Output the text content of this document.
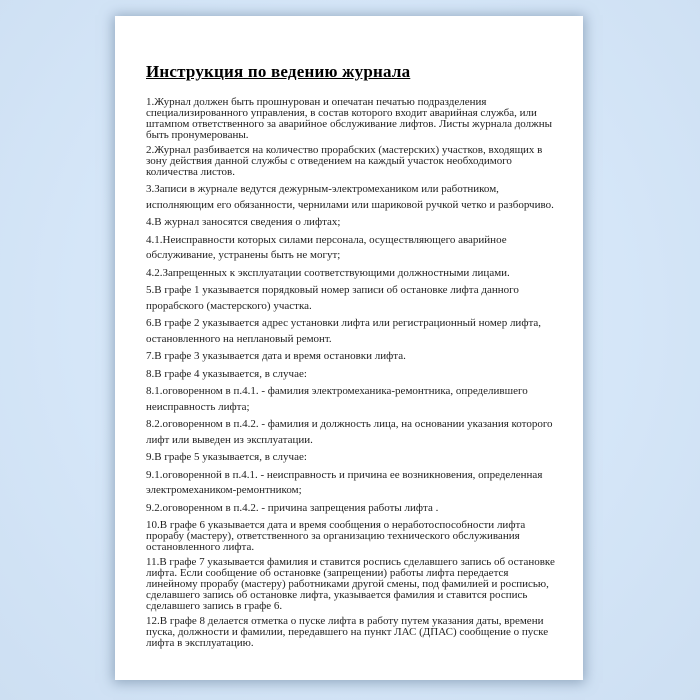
Инструкция по ведению журнала

1.Журнал должен быть прошнурован и опечатан печатью подразделения специализированного управления, в состав которого входит аварийная служба, или штампом ответственного за аварийное обслуживание лифтов. Листы журнала должны быть пронумерованы.

2.Журнал разбивается на количество прорабских (мастерских) участков, входящих в зону действия данной службы с отведением на каждый участок необходимого количества листов.

3.Записи в журнале ведутся дежурным-электромехаником или работником, исполняющим его обязанности, чернилами или шариковой ручкой четко и разборчиво.

4.В журнал заносятся сведения о лифтах;

4.1.Неисправности которых силами персонала, осуществляющего аварийное обслуживание, устранены быть не могут;

4.2.Запрещенных к эксплуатации соответствующими должностными лицами.

5.В графе 1 указывается порядковый номер записи об остановке лифта данного прорабского (мастерского) участка.

6.В графе 2 указывается адрес установки лифта или регистрационный номер лифта, остановленного на неплановый ремонт.

7.В графе 3 указывается дата и время остановки лифта.

8.В графе 4 указывается, в случае:

8.1.оговоренном в п.4.1. - фамилия электромеханика-ремонтника, определившего неисправность лифта;

8.2.оговоренном в п.4.2. - фамилия и должность лица, на основании указания которого лифт или выведен из эксплуатации.

9.В графе 5 указывается, в случае:

9.1.оговоренной в п.4.1. - неисправность и причина ее возникновения, определенная электромехаником-ремонтником;

9.2.оговоренном в п.4.2. - причина запрещения работы лифта .

10.В графе 6 указывается дата и время сообщения о неработоспособности лифта прорабу (мастеру), ответственного за организацию технического обслуживания остановленного лифта.

11.В графе 7 указывается фамилия и ставится роспись сделавшего запись об остановке лифта. Если сообщение об остановке (запрещении) работы лифта передается линейному прорабу (мастеру) работниками другой смены, под фамилией и росписью, сделавшего запись об остановке лифта, указывается фамилия и ставится роспись сделавшего запись в графе 6.

12.В графе 8 делается отметка о пуске лифта в работу путем указания даты, времени пуска, должности и фамилии, передавшего на пункт ЛАС (ДПАС) сообщение о пуске лифта в эксплуатацию.
